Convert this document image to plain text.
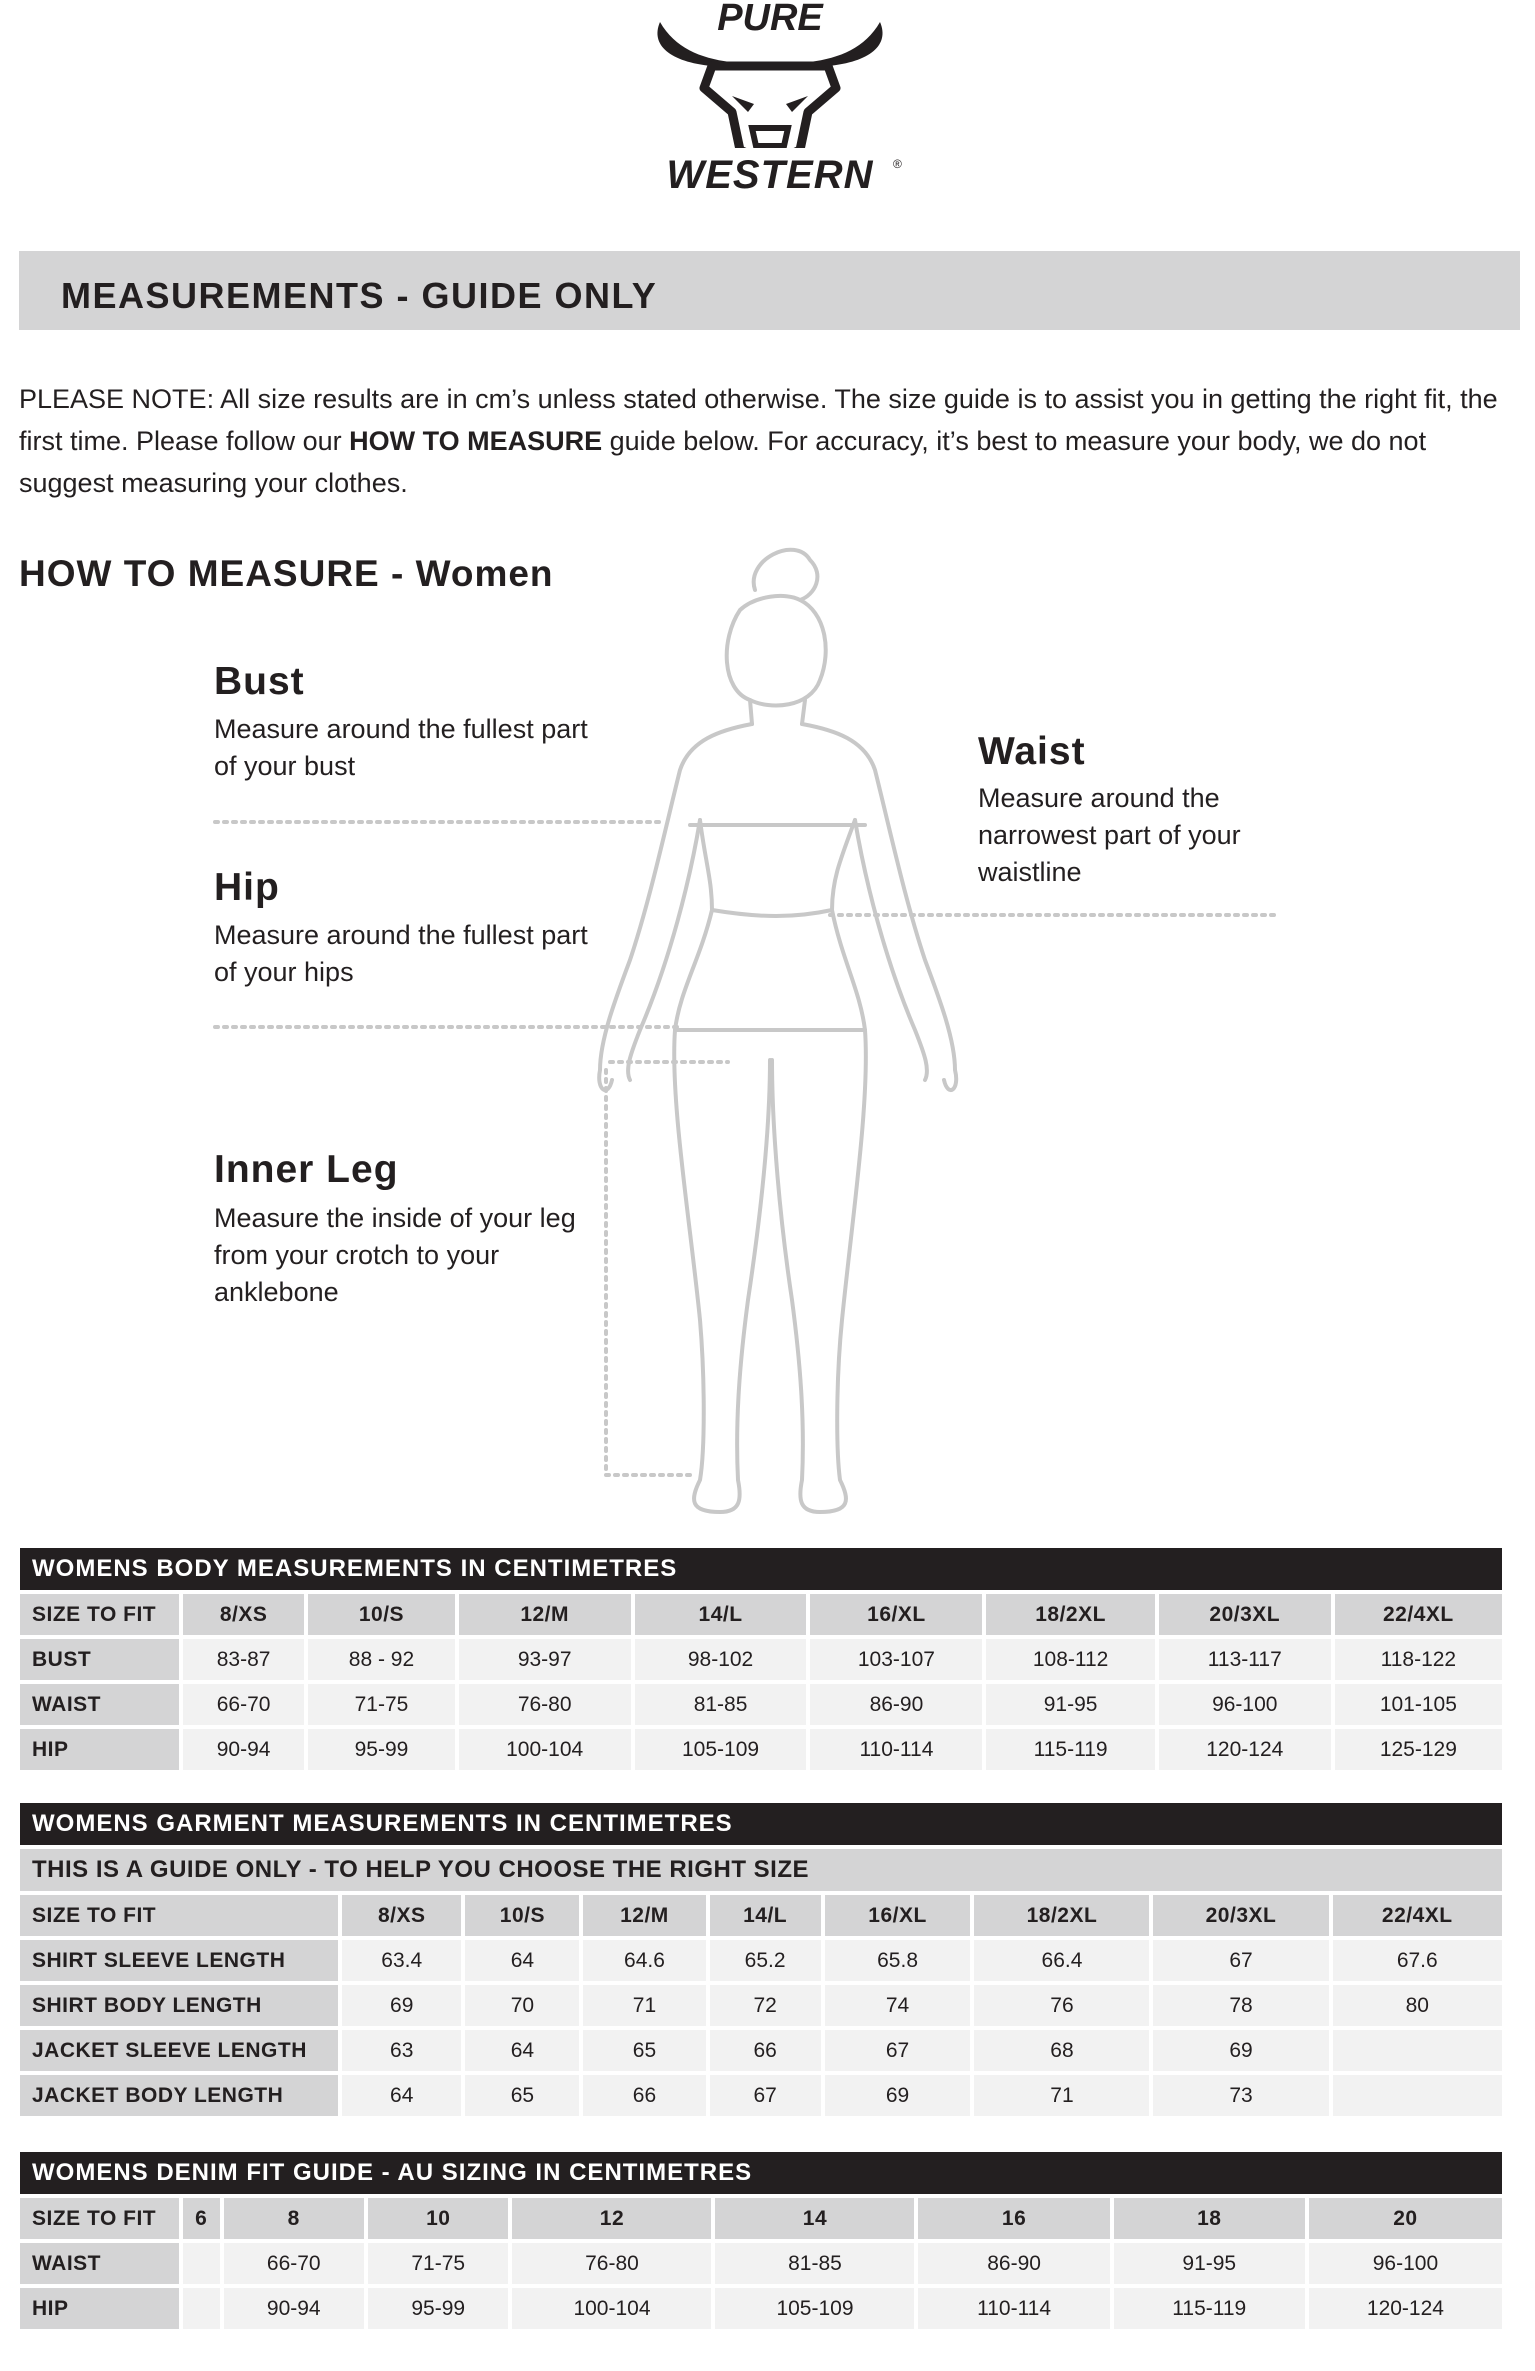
PURE
WESTERN ®
MEASUREMENTS - GUIDE ONLY
PLEASE NOTE: All size results are in cm’s unless stated otherwise. The size guide is to assist you in getting the right fit, the first time. Please follow our HOW TO MEASURE guide below. For accuracy, it’s best to measure your body, we do not suggest measuring your clothes.
HOW TO MEASURE - Women
Bust
Measure around the fullest part of your bust
Hip
Measure around the fullest part of your hips
Waist
Measure around the narrowest part of your waistline
Inner Leg
Measure the inside of your leg from your crotch to your anklebone
WOMENS BODY MEASUREMENTS IN CENTIMETRES								
SIZE TO FIT	8/XS	10/S	12/M	14/L	16/XL	18/2XL	20/3XL	22/4XL
BUST	83-87	88 - 92	93-97	98-102	103-107	108-112	113-117	118-122
WAIST	66-70	71-75	76-80	81-85	86-90	91-95	96-100	101-105
HIP	90-94	95-99	100-104	105-109	110-114	115-119	120-124	125-129
WOMENS GARMENT MEASUREMENTS IN CENTIMETRES								
THIS IS A GUIDE ONLY - TO HELP YOU CHOOSE THE RIGHT SIZE								
SIZE TO FIT	8/XS	10/S	12/M	14/L	16/XL	18/2XL	20/3XL	22/4XL
SHIRT SLEEVE LENGTH	63.4	64	64.6	65.2	65.8	66.4	67	67.6
SHIRT BODY LENGTH	69	70	71	72	74	76	78	80
JACKET SLEEVE LENGTH	63	64	65	66	67	68	69	
JACKET BODY LENGTH	64	65	66	67	69	71	73	
WOMENS DENIM FIT GUIDE - AU SIZING IN CENTIMETRES								
SIZE TO FIT	6	8	10	12	14	16	18	20
WAIST		66-70	71-75	76-80	81-85	86-90	91-95	96-100
HIP		90-94	95-99	100-104	105-109	110-114	115-119	120-124
